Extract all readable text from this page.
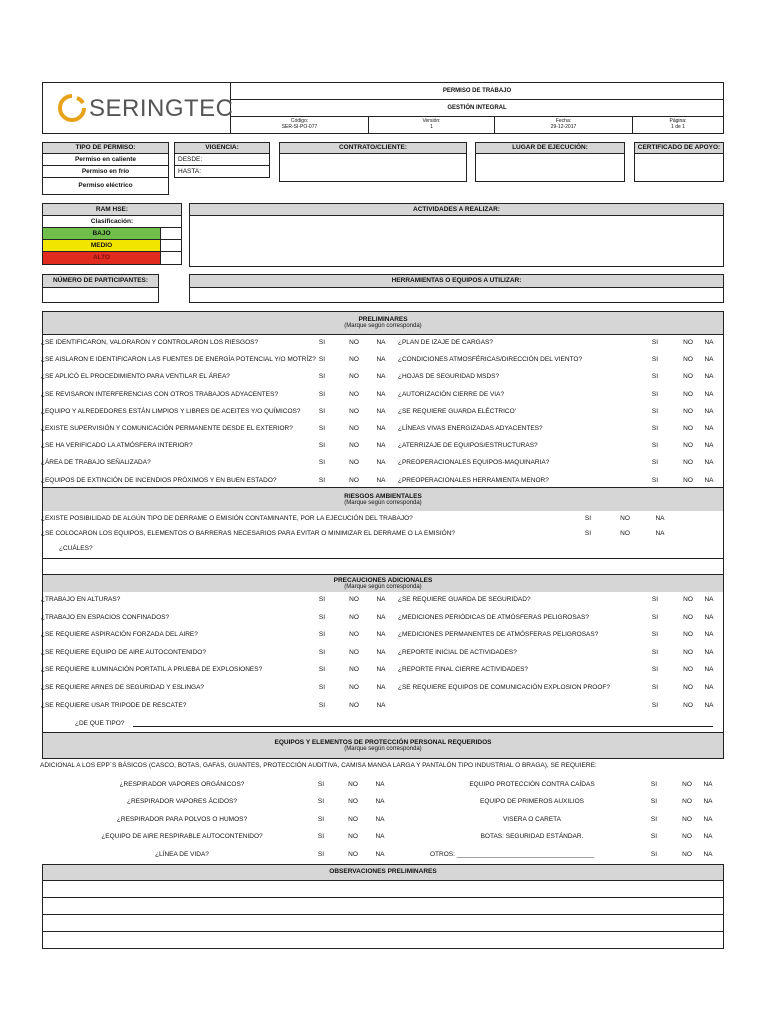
SERINGTEC
PERMISO DE TRABAJO
GESTIÓN INTEGRAL
Código:
SER-SI-PO-077
Versión:
1
Fecha:
29-12-2017
Página:
1 de 1
TIPO DE PERMISO:
Permiso en caliente
Permiso en frío
Permiso eléctrico
VIGENCIA:
DESDE:
HASTA:
CONTRATO/CLIENTE:	LUGAR DE EJECUCIÓN:	CERTIFICADO DE APOYO:
RAM HSE:
Clasificación:
BAJO
MEDIO
ALTO
ACTIVIDADES A REALIZAR:
NÚMERO DE PARTICIPANTES:	HERRAMIENTAS O EQUIPOS A UTILIZAR:
PRELIMINARES
(Marque según corresponda)
¿SE IDENTIFICARON, VALORARON Y CONTROLARON LOS RIESGOS?	SI	NO	NA	¿PLAN DE IZAJE DE CARGAS?	SI	NO	NA
¿SE AISLARON E IDENTIFICARON LAS FUENTES DE ENERGÍA POTENCIAL Y/O MOTRÍZ? SI	NO	NA	¿CONDICIONES ATMOSFÉRICAS/DIRECCIÓN DEL VIENTO?	SI	NO	NA
¿SE APLICÓ EL PROCEDIMIENTO PARA VENTILAR EL ÁREA?	SI	NO	NA	¿HOJAS DE SEGURIDAD MSDS?	SI	NO	NA
¿SE REVISARON INTERFERENCIAS CON OTROS TRABAJOS ADYACENTES?	SI	NO	NA	¿AUTORIZACIÓN CIERRE DE VIA?	SI	NO	NA
¿EQUIPO Y ALREDEDORES ESTÁN LIMPIOS Y LIBRES DE ACEITES Y/O QUÍMICOS?	SI	NO	NA	¿SE REQUIERE GUARDA ELÉCTRICO'	SI	NO	NA
¿EXISTE SUPERVISIÓN Y COMUNICACIÓN PERMANENTE DESDE EL EXTERIOR?	SI	NO	NA	¿LÍNEAS VIVAS ENERGIZADAS ADYACENTES?	SI	NO	NA
¿SE HA VERIFICADO LA ATMÓSFERA INTERIOR?	SI	NO	NA	¿ATERRIZAJE DE EQUIPOS/ESTRUCTURAS?	SI	NO	NA
¿ÁREA DE TRABAJO SEÑALIZADA?	SI	NO	NA	¿PREOPERACIONALES EQUIPOS-MAQUINARIA?	SI	NO	NA
¿EQUIPOS DE EXTINCIÓN DE INCENDIOS PRÓXIMOS Y EN BUEN ESTADO?	SI	NO	NA	¿PREOPERACIONALES HERRAMIENTA MENOR?	SI	NO	NA
RIESGOS AMBIENTALES
(Marque según corresponda)
¿EXISTE POSIBILIDAD DE ALGÚN TIPO DE DERRAME O EMISIÓN CONTAMINANTE, POR LA EJECUCIÓN DEL TRABAJO?	SI	NO	NA
¿SE COLOCARON LOS EQUIPOS, ELEMENTOS O BARRERAS NECESARIOS PARA EVITAR O MINIMIZAR EL DERRAME O LA EMISIÓN?	SI	NO	NA
¿CUÁLES?
PRECAUCIONES ADICIONALES
(Marque según corresponda)
¿TRABAJO EN ALTURAS?	SI	NO	NA	¿SE REQUIERE GUARDA DE SEGURIDAD?	SI	NO	NA
¿TRABAJO EN ESPACIOS CONFINADOS?	SI	NO	NA	¿MEDICIONES PERIÓDICAS DE ATMÓSFERAS PELIGROSAS?	SI	NO	NA
¿SE REQUIERE ASPIRACIÓN FORZADA DEL AIRE?	SI	NO	NA	¿MEDICIONES PERMANENTES DE ATMÓSFERAS PELIGROSAS?	SI	NO	NA
¿SE REQUIERE EQUIPO DE AIRE AUTOCONTENIDO?	SI	NO	NA	¿REPORTE INICIAL DE ACTIVIDADES?	SI	NO	NA
¿SE REQUIERE ILUMINACIÓN PORTATIL A PRUEBA DE EXPLOSIONES?	SI	NO	NA	¿REPORTE FINAL CIERRE ACTIVIDADES?	SI	NO	NA
¿SE REQUIERE ARNES DE SEGURIDAD Y ESLINGA?	SI	NO	NA	¿SE REQUIERE EQUIPOS DE COMUNICACIÓN EXPLOSION PROOF?	SI	NO	NA
¿SE REQUIERE USAR TRIPODE DE RESCATE?	SI	NO	NA	SI	NO	NA
¿DE QUE TIPO?
EQUIPOS Y ELEMENTOS DE PROTECCIÓN PERSONAL REQUERIDOS
(Marque según corresponda)
ADICIONAL A LOS EPP´S BÁSICOS (CASCO, BOTAS, GAFAS, GUANTES, PROTECCIÓN AUDITIVA, CAMISA MANGA LARGA Y PANTALÓN TIPO INDUSTRIAL O BRAGA), SE REQUIERE:
¿RESPIRADOR VAPORES ORGÁNICOS?	SI	NO	NA	EQUIPO PROTECCIÓN CONTRA CAÍDAS	SI	NO	NA
¿RESPIRADOR VAPORES ÁCIDOS?	SI	NO	NA	EQUIPO DE PRIMEROS AUXILIOS	SI	NO	NA
¿RESPIRADOR PARA POLVOS O HUMOS?	SI	NO	NA	VISERA O CARETA	SI	NO	NA
¿EQUIPO DE AIRE RESPIRABLE AUTOCONTENIDO?	SI	NO	NA	BOTAS: SEGURIDAD ESTÁNDAR.	SI	NO	NA
¿LÍNEA DE VIDA?	SI	NO	NA	OTROS: ______________________________________	SI	NO	NA
OBSERVACIONES PRELIMINARES
